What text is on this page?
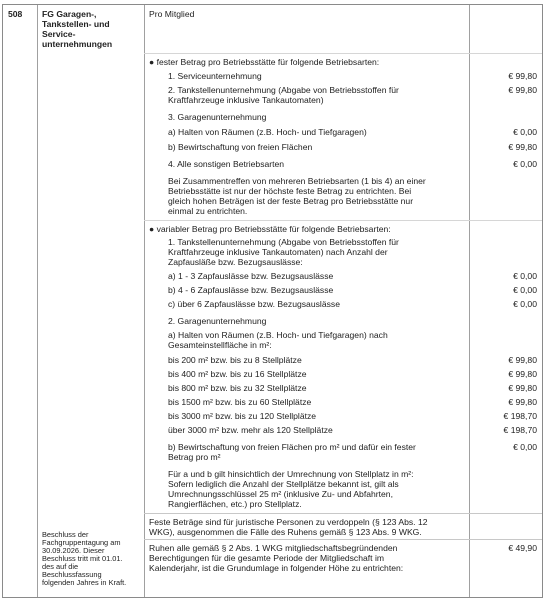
508 FG Garagen-,
Tankstellen- und
Service-
unternehmungen
Beschluss der
Fachgruppentagung am
30.09.2026. Dieser
Beschluss tritt mit 01.01.
des auf die
Beschlussfassung
folgenden Jahres in Kraft.
Pro Mitglied
● fester Betrag pro Betriebsstätte für folgende Betriebsarten:
1. Serviceunternehmung	€ 99,80
2. Tankstellenunternehmung (Abgabe von Betriebsstoffen für
Kraftfahrzeuge inklusive Tankautomaten)
€ 99,80
3. Garagenunternehmung
a) Halten von Räumen (z.B. Hoch- und Tiefgaragen)	€ 0,00
b) Bewirtschaftung von freien Flächen	€ 99,80
4. Alle sonstigen Betriebsarten	€ 0,00
Bei Zusammentreffen von mehreren Betriebsarten (1 bis 4) an einer
Betriebsstätte ist nur der höchste feste Betrag zu entrichten. Bei
gleich hohen Beträgen ist der feste Betrag pro Betriebsstätte nur
einmal zu entrichten.
● variabler Betrag pro Betriebsstätte für folgende Betriebsarten:
1. Tankstellenunternehmung (Abgabe von Betriebsstoffen für
Kraftfahrzeuge inklusive Tankautomaten) nach Anzahl der
Zapfausläße bzw. Bezugsauslässe:
a) 1 - 3 Zapfauslässe bzw. Bezugsauslässe	€ 0,00
b) 4 - 6 Zapfauslässe bzw. Bezugsauslässe	€ 0,00
c) über 6 Zapfauslässe bzw. Bezugsauslässe	€ 0,00
2. Garagenunternehmung
a) Halten von Räumen (z.B. Hoch- und Tiefgaragen) nach
Gesamteinstellfläche in m²:
bis 200 m² bzw. bis zu 8 Stellplätze	€ 99,80
bis 400 m² bzw. bis zu 16 Stellplätze	€ 99,80
bis 800 m² bzw. bis zu 32 Stellplätze	€ 99,80
bis 1500 m² bzw. bis zu 60 Stellplätze	€ 99,80
bis 3000 m² bzw. bis zu 120 Stellplätze	€ 198,70
über 3000 m² bzw. mehr als 120 Stellplätze	€ 198,70
b) Bewirtschaftung von freien Flächen pro m² und dafür ein fester
Betrag pro m²
€ 0,00
Für a und b gilt hinsichtlich der Umrechnung von Stellplatz in m²:
Sofern lediglich die Anzahl der Stellplätze bekannt ist, gilt als
Umrechnungsschlüssel 25 m² (inklusive Zu- und Abfahrten,
Rangierflächen, etc.) pro Stellplatz.
Feste Beträge sind für juristische Personen zu verdoppeln (§ 123 Abs. 12
WKG), ausgenommen die Fälle des Ruhens gemäß § 123 Abs. 9 WKG.
Ruhen alle gemäß § 2 Abs. 1 WKG mitgliedschaftsbegründenden
Berechtigungen für die gesamte Periode der Mitgliedschaft im
Kalenderjahr, ist die Grundumlage in folgender Höhe zu entrichten:
€ 49,90
